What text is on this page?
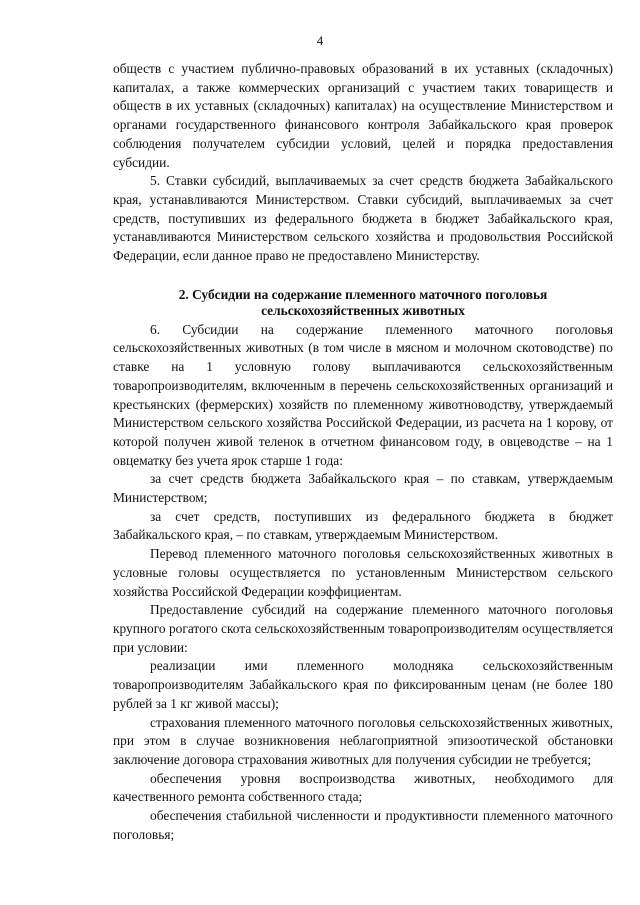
4

обществ с участием публично-правовых образований в их уставных (складочных) капиталах, а также коммерческих организаций с участием таких товариществ и обществ в их уставных (складочных) капиталах) на осуществление Министерством и органами государственного финансового контроля Забайкальского края проверок соблюдения получателем субсидии условий, целей и порядка предоставления субсидии.

5. Ставки субсидий, выплачиваемых за счет средств бюджета Забайкальского края, устанавливаются Министерством. Ставки субсидий, выплачиваемых за счет средств, поступивших из федерального бюджета в бюджет Забайкальского края, устанавливаются Министерством сельского хозяйства и продовольствия Российской Федерации, если данное право не предоставлено Министерству.

2. Субсидии на содержание племенного маточного поголовья
сельскохозяйственных животных

6. Субсидии на содержание племенного маточного поголовья сельскохозяйственных животных (в том числе в мясном и молочном скотоводстве) по ставке на 1 условную голову выплачиваются сельскохозяйственным товаропроизводителям, включенным в перечень сельскохозяйственных организаций и крестьянских (фермерских) хозяйств по племенному животноводству, утверждаемый Министерством сельского хозяйства Российской Федерации, из расчета на 1 корову, от которой получен живой теленок в отчетном финансовом году, в овцеводстве – на 1 овцематку без учета ярок старше 1 года:

за счет средств бюджета Забайкальского края – по ставкам, утверждаемым Министерством;

за счет средств, поступивших из федерального бюджета в бюджет Забайкальского края, – по ставкам, утверждаемым Министерством.

Перевод племенного маточного поголовья сельскохозяйственных животных в условные головы осуществляется по установленным Министерством сельского хозяйства Российской Федерации коэффициентам.

Предоставление субсидий на содержание племенного маточного поголовья крупного рогатого скота сельскохозяйственным товаропроизводителям осуществляется при условии:

реализации ими племенного молодняка сельскохозяйственным товаропроизводителям Забайкальского края по фиксированным ценам (не более 180 рублей за 1 кг живой массы);

страхования племенного маточного поголовья сельскохозяйственных животных, при этом в случае возникновения неблагоприятной эпизоотической обстановки заключение договора страхования животных для получения субсидии не требуется;

обеспечения уровня воспроизводства животных, необходимого для качественного ремонта собственного стада;

обеспечения стабильной численности и продуктивности племенного маточного поголовья;
